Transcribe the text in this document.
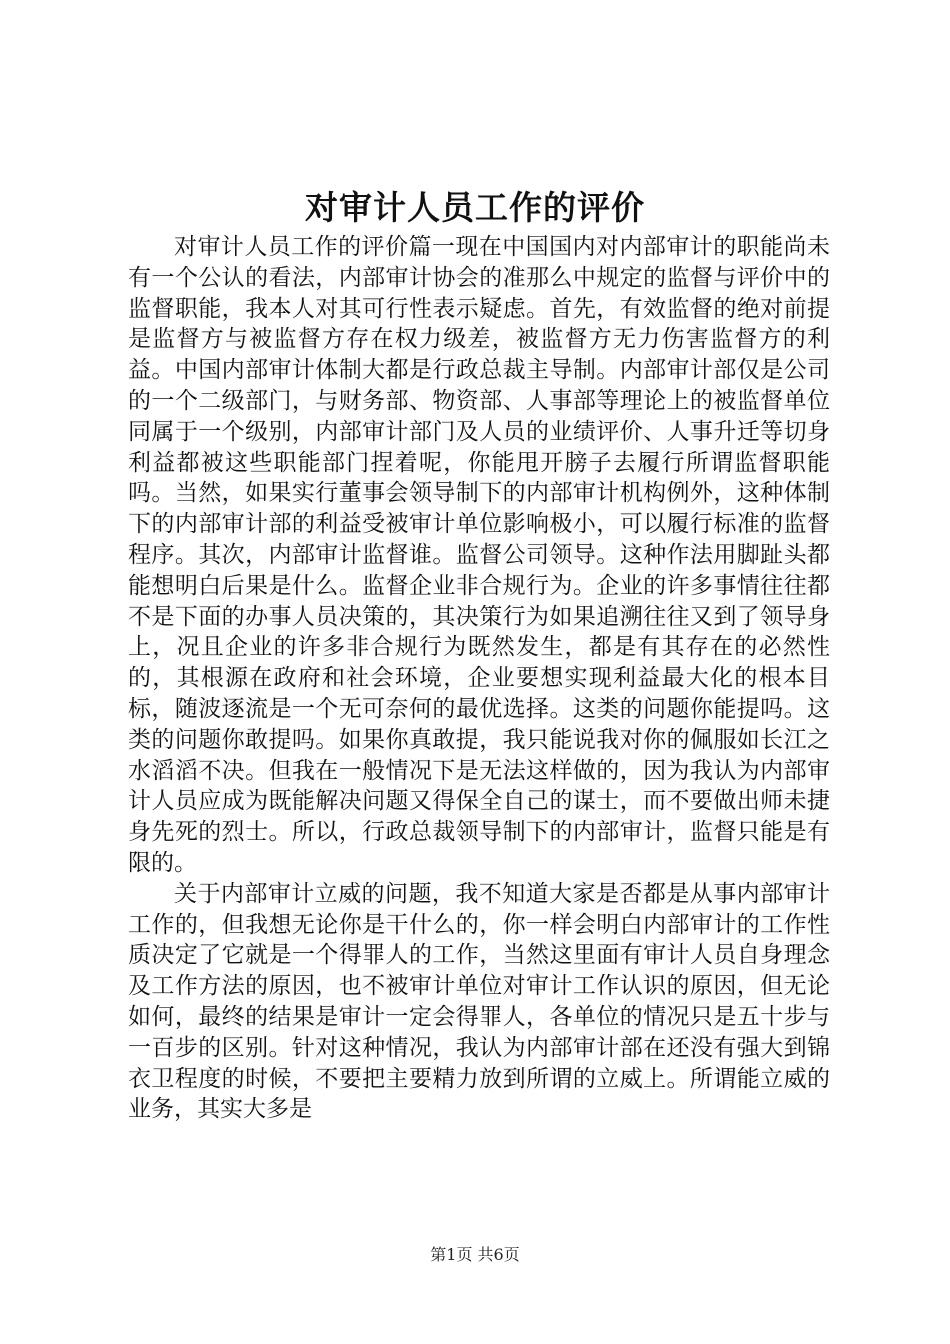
对审计人员工作的评价

对审计人员工作的评价篇一现在中国国内对内部审计的职能尚未有一个公认的看法，内部审计协会的准那么中规定的监督与评价中的监督职能，我本人对其可行性表示疑虑。首先，有效监督的绝对前提是监督方与被监督方存在权力级差，被监督方无力伤害监督方的利益。中国内部审计体制大都是行政总裁主导制。内部审计部仅是公司的一个二级部门，与财务部、物资部、人事部等理论上的被监督单位同属于一个级别，内部审计部门及人员的业绩评价、人事升迁等切身利益都被这些职能部门捏着呢，你能甩开膀子去履行所谓监督职能吗。当然，如果实行董事会领导制下的内部审计机构例外，这种体制下的内部审计部的利益受被审计单位影响极小，可以履行标准的监督程序。其次，内部审计监督谁。监督公司领导。这种作法用脚趾头都能想明白后果是什么。监督企业非合规行为。企业的许多事情往往都不是下面的办事人员决策的，其决策行为如果追溯往往又到了领导身上，况且企业的许多非合规行为既然发生，都是有其存在的必然性的，其根源在政府和社会环境，企业要想实现利益最大化的根本目标，随波逐流是一个无可奈何的最优选择。这类的问题你能提吗。这类的问题你敢提吗。如果你真敢提，我只能说我对你的佩服如长江之水滔滔不决。但我在一般情况下是无法这样做的，因为我认为内部审计人员应成为既能解决问题又得保全自己的谋士，而不要做出师未捷身先死的烈士。所以，行政总裁领导制下的内部审计，监督只能是有限的。

关于内部审计立威的问题，我不知道大家是否都是从事内部审计工作的，但我想无论你是干什么的，你一样会明白内部审计的工作性质决定了它就是一个得罪人的工作，当然这里面有审计人员自身理念及工作方法的原因，也不被审计单位对审计工作认识的原因，但无论如何，最终的结果是审计一定会得罪人，各单位的情况只是五十步与一百步的区别。针对这种情况，我认为内部审计部在还没有强大到锦衣卫程度的时候，不要把主要精力放到所谓的立威上。所谓能立威的业务，其实大多是

第1页 共6页
